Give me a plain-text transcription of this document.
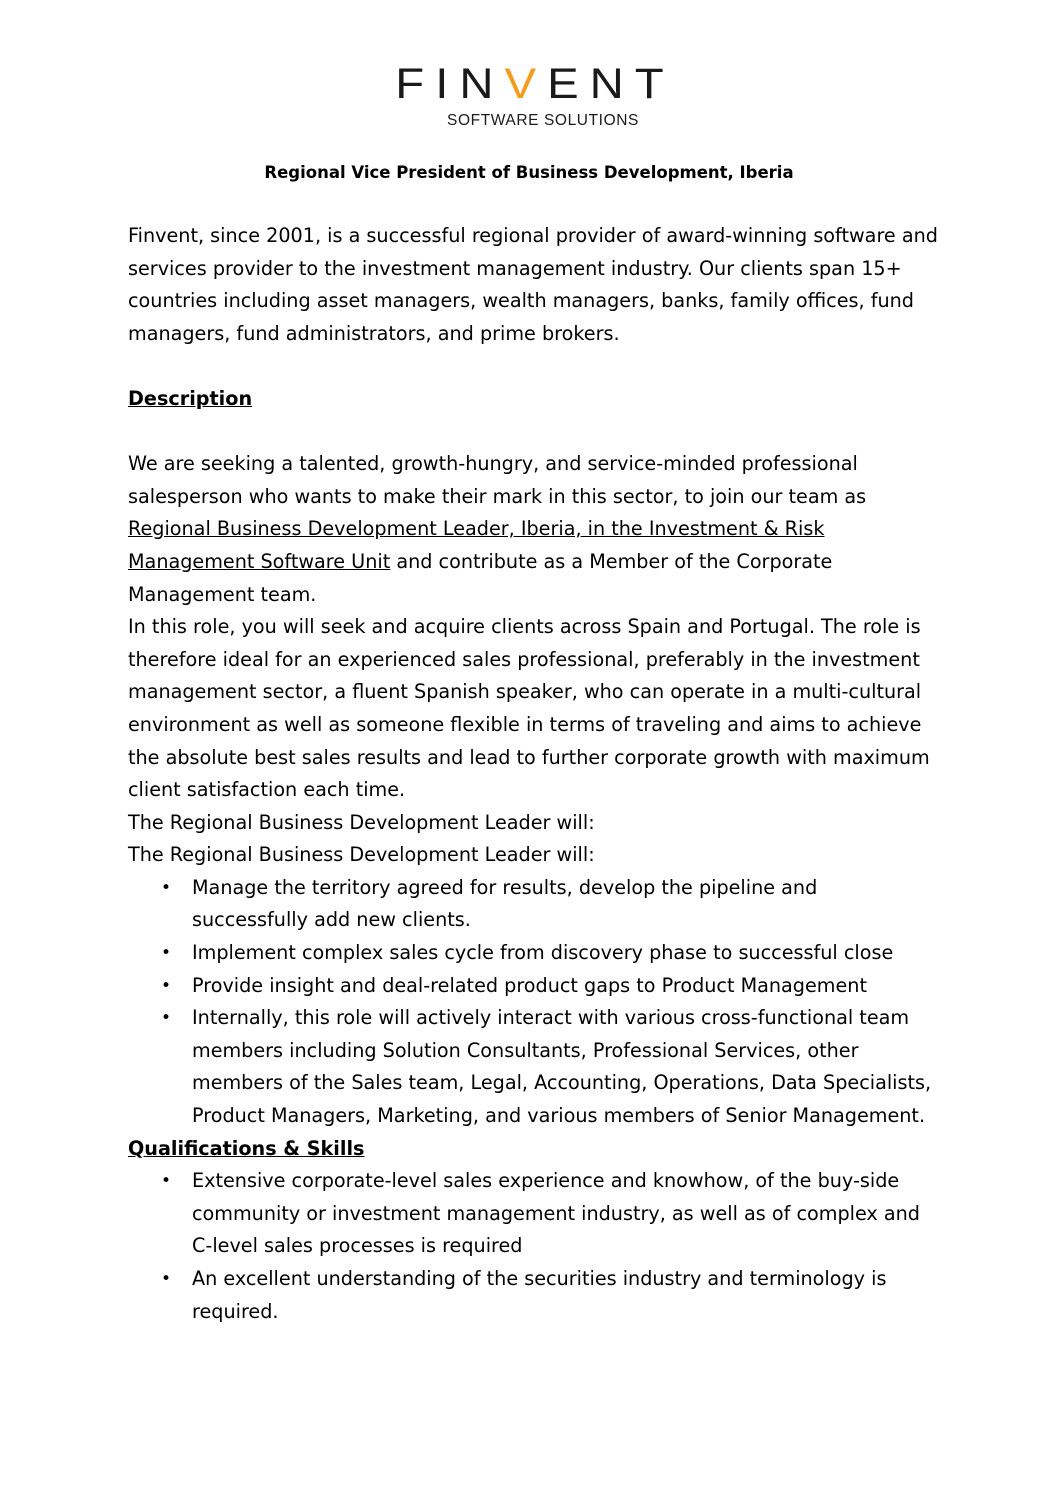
FINVENT
SOFTWARE SOLUTIONS
Regional Vice President of Business Development, Iberia

Finvent, since 2001, is a successful regional provider of award-winning software and services provider to the investment management industry. Our clients span 15+ countries including asset managers, wealth managers, banks, family offices, fund managers, fund administrators, and prime brokers.

Description

We are seeking a talented, growth-hungry, and service-minded professional salesperson who wants to make their mark in this sector, to join our team as Regional Business Development Leader, Iberia, in the Investment & Risk Management Software Unit and contribute as a Member of the Corporate Management team.

In this role, you will seek and acquire clients across Spain and Portugal. The role is therefore ideal for an experienced sales professional, preferably in the investment management sector, a fluent Spanish speaker, who can operate in a multi-cultural environment as well as someone flexible in terms of traveling and aims to achieve the absolute best sales results and lead to further corporate growth with maximum client satisfaction each time.

The Regional Business Development Leader will:

The Regional Business Development Leader will:

• Manage the territory agreed for results, develop the pipeline and successfully add new clients.
• Implement complex sales cycle from discovery phase to successful close
• Provide insight and deal-related product gaps to Product Management
• Internally, this role will actively interact with various cross-functional team members including Solution Consultants, Professional Services, other members of the Sales team, Legal, Accounting, Operations, Data Specialists, Product Managers, Marketing, and various members of Senior Management.

Qualifications & Skills

• Extensive corporate-level sales experience and knowhow, of the buy-side community or investment management industry, as well as of complex and C-level sales processes is required
• An excellent understanding of the securities industry and terminology is required.
